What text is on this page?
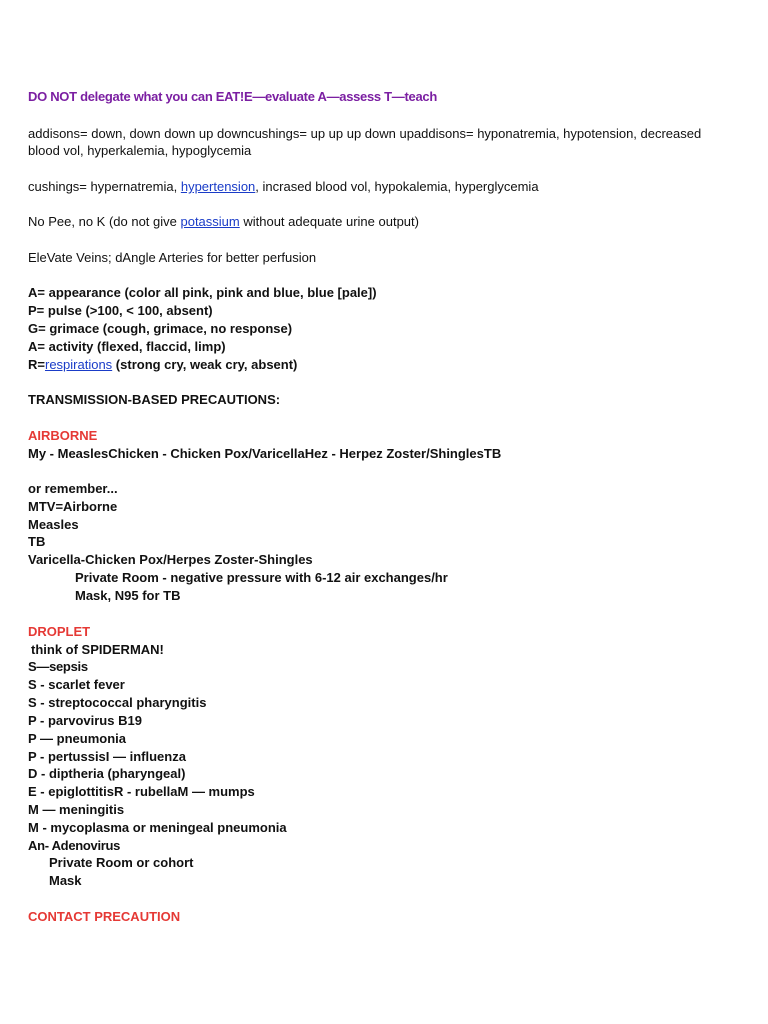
DO NOT delegate what you can EAT!E—evaluate A—assess T—teach
addisons= down, down down up downcushings= up up up down upaddisons= hyponatremia, hypotension, decreased blood vol, hyperkalemia, hypoglycemia
cushings= hypernatremia, hypertension, incrased blood vol, hypokalemia, hyperglycemia
No Pee, no K (do not give potassium without adequate urine output)
EleVate Veins; dAngle Arteries for better perfusion
A= appearance (color all pink, pink and blue, blue [pale])
P= pulse (>100, < 100, absent)
G= grimace (cough, grimace, no response)
A= activity (flexed, flaccid, limp)
R=respirations (strong cry, weak cry, absent)
TRANSMISSION-BASED PRECAUTIONS:
AIRBORNE
My - MeaslesChicken - Chicken Pox/VaricellaHez - Herpez Zoster/ShinglesTB
or remember...
MTV=Airborne
Measles
TB
Varicella-Chicken Pox/Herpes Zoster-Shingles
Private Room - negative pressure with 6-12 air exchanges/hr
Mask, N95 for TB
DROPLET
think of SPIDERMAN!
S—sepsis
S - scarlet fever
S - streptococcal pharyngitis
P - parvovirus B19
P — pneumonia
P - pertussisI — influenza
D - diptheria (pharyngeal)
E - epiglottitisR - rubellaM — mumps
M — meningitis
M - mycoplasma or meningeal pneumonia
An- Adenovirus
Private Room or cohort
Mask
CONTACT PRECAUTION
